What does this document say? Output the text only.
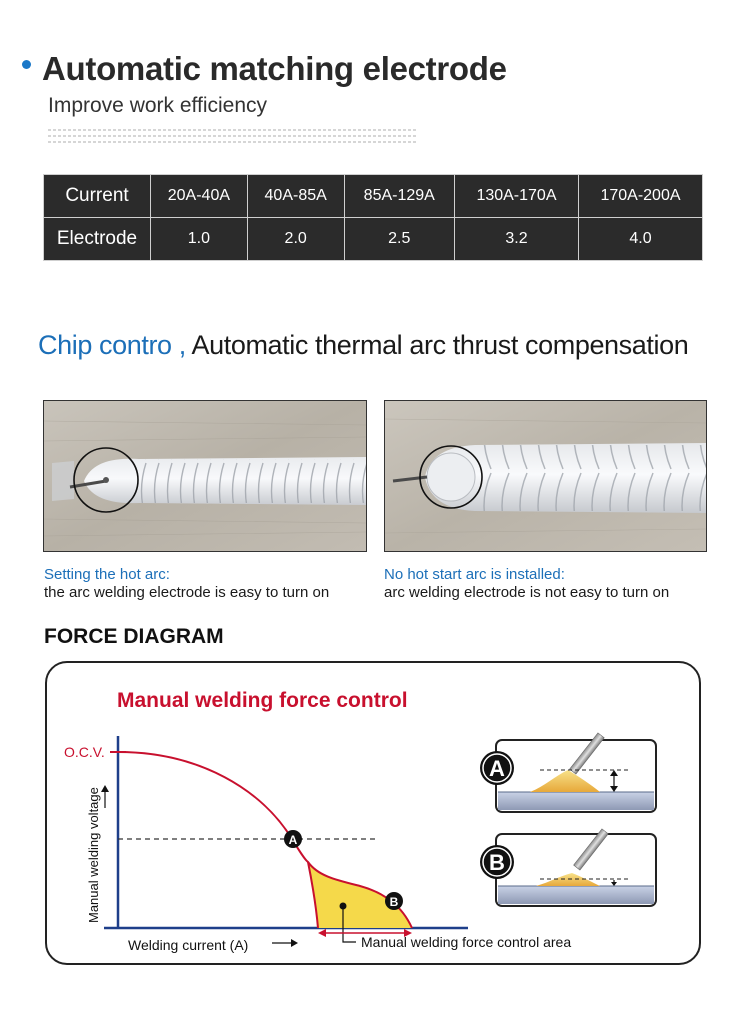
Automatic matching electrode
Improve work efficiency
Current	20A-40A	40A-85A	85A-129A	130A-170A	170A-200A
Electrode	1.0	2.0	2.5	3.2	4.0
Chip contro , Automatic thermal arc thrust compensation
Setting the hot arc:
the arc welding electrode is easy to turn on
No hot start arc is installed:
arc welding electrode is not easy to turn on
FORCE DIAGRAM
Manual welding force control
O.C.V.
Manual welding voltage	A
B
Manual welding force control area
Welding current (A)
A
B
